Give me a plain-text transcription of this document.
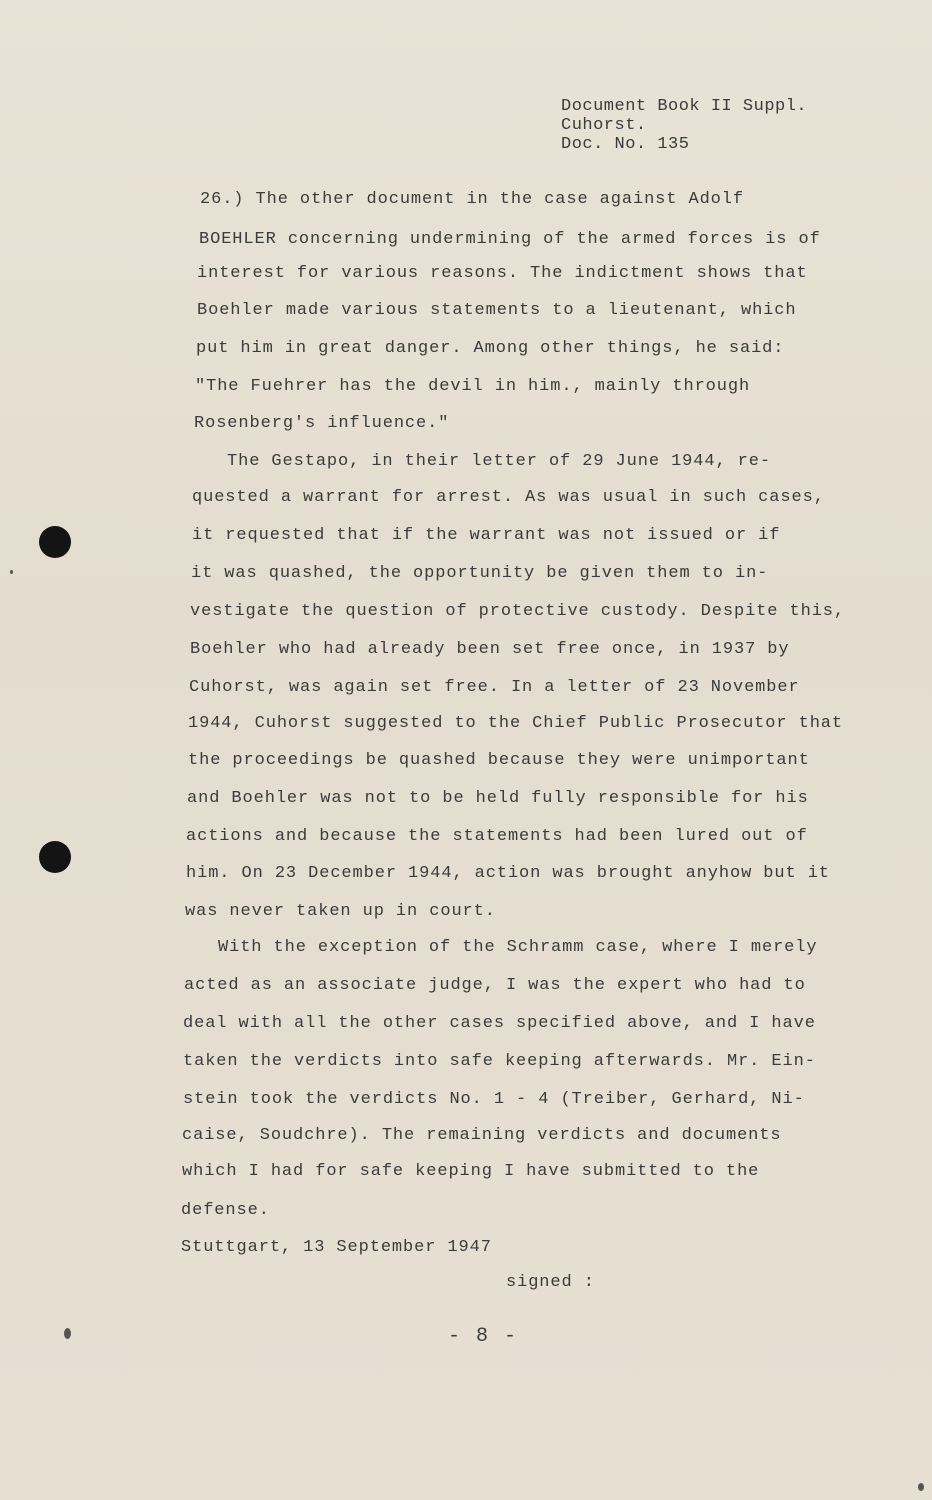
Document Book II Suppl.
Cuhorst.
Doc. No. 135
26.) The other document in the case against Adolf
BOEHLER concerning undermining of the armed forces is of
interest for various reasons. The indictment shows that
Boehler made various statements to a lieutenant, which
put him in great danger. Among other things, he said:
"The Fuehrer has the devil in him., mainly through
Rosenberg's influence."
The Gestapo, in their letter of 29 June 1944, re-
quested a warrant for arrest. As was usual in such cases,
it requested that if the warrant was not issued or if
it was quashed, the opportunity be given them to in-
vestigate the question of protective custody. Despite this,
Boehler who had already been set free once, in 1937 by
Cuhorst, was again set free. In a letter of 23 November
1944, Cuhorst suggested to the Chief Public Prosecutor that
the proceedings be quashed because they were unimportant
and Boehler was not to be held fully responsible for his
actions and because the statements had been lured out of
him. On 23 December 1944, action was brought anyhow but it
was never taken up in court.
With the exception of the Schramm case, where I merely
acted as an associate judge, I was the expert who had to
deal with all the other cases specified above, and I have
taken the verdicts into safe keeping afterwards. Mr. Ein-
stein took the verdicts No. 1 - 4 (Treiber, Gerhard, Ni-
caise, Soudchre). The remaining verdicts and documents
which I had for safe keeping I have submitted to the
defense.
Stuttgart, 13 September 1947
signed :
- 8 -
